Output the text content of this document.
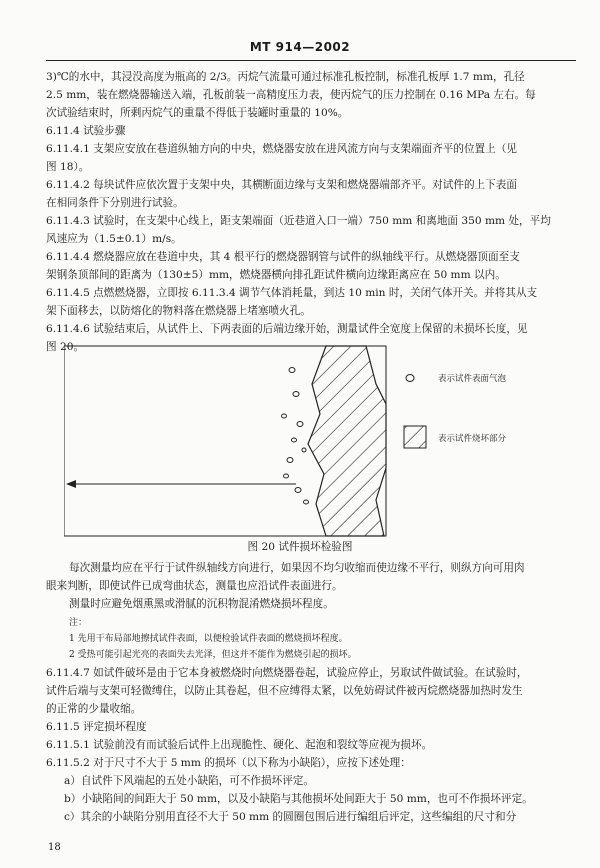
MT 914—2002
3)℃的水中，其浸没高度为瓶高的 2/3。丙烷气流量可通过标准孔板控制，标准孔板厚 1.7 mm，孔径
2.5 mm，装在燃烧器输送入端，孔板前装一高精度压力表，使丙烷气的压力控制在 0.16 MPa 左右。每
次试验结束时，所剩丙烷气的重量不得低于装罐时重量的 10%。
6.11.4 试验步骤
6.11.4.1 支架应安放在巷道纵轴方向的中央，燃烧器安放在进风流方向与支架端面齐平的位置上（见
图 18）。
6.11.4.2 每块试件应依次置于支架中央，其横断面边缘与支架和燃烧器端部齐平。对试件的上下表面
在相同条件下分别进行试验。
6.11.4.3 试验时，在支架中心线上，距支架端面（近巷道入口一端）750 mm 和离地面 350 mm 处，平均
风速应为（1.5±0.1）m/s。
6.11.4.4 燃烧器应放在巷道中央，其 4 根平行的燃烧器钢管与试件的纵轴线平行。从燃烧器顶面至支
架钢条顶部间的距离为（130±5）mm，燃烧器横向排孔距试件横向边缘距离应在 50 mm 以内。
6.11.4.5 点燃燃烧器，立即按 6.11.3.4 调节气体消耗量，到达 10 min 时，关闭气体开关。并将其从支
架下面移去，以防熔化的物料落在燃烧器上堵塞喷火孔。
6.11.4.6 试验结束后，从试件上、下两表面的后端边缘开始，测量试件全宽度上保留的未损坏长度，见
图 20。
表示试件表面气泡
表示试件烧坏部分
图 20 试件损坏检验图
每次测量均应在平行于试件纵轴线方向进行，如果因不均匀收缩而使边缘不平行，则纵方向可用肉
眼来判断，即使试件已成弯曲状态，测量也应沿试件表面进行。
测量时应避免烟熏黑或滑腻的沉积物混淆燃烧损坏程度。
注：
1 先用干布局部地擦拭试件表面，以便检验试件表面的燃烧损坏程度。
2 受热可能引起光亮的表面失去光泽，但这并不能作为燃烧引起的损坏。
6.11.4.7 如试件破坏是由于它本身被燃烧时向燃烧器卷起，试验应停止，另取试件做试验。在试验时，
试件后端与支架可轻微缚住，以防止其卷起，但不应缚得太紧，以免妨碍试件被丙烷燃烧器加热时发生
的正常的少量收缩。
6.11.5 评定损坏程度
6.11.5.1 试验前没有而试验后试件上出现脆性、硬化、起泡和裂纹等应视为损坏。
6.11.5.2 对于尺寸不大于 5 mm 的损坏（以下称为小缺陷），应按下述处理：
a）自试件下风端起的五处小缺陷，可不作损坏评定。
b）小缺陷间的间距大于 50 mm，以及小缺陷与其他损坏处间距大于 50 mm，也可不作损坏评定。
c）其余的小缺陷分别用直径不大于 50 mm 的圆圈包围后进行编组后评定，这些编组的尺寸和分
18
